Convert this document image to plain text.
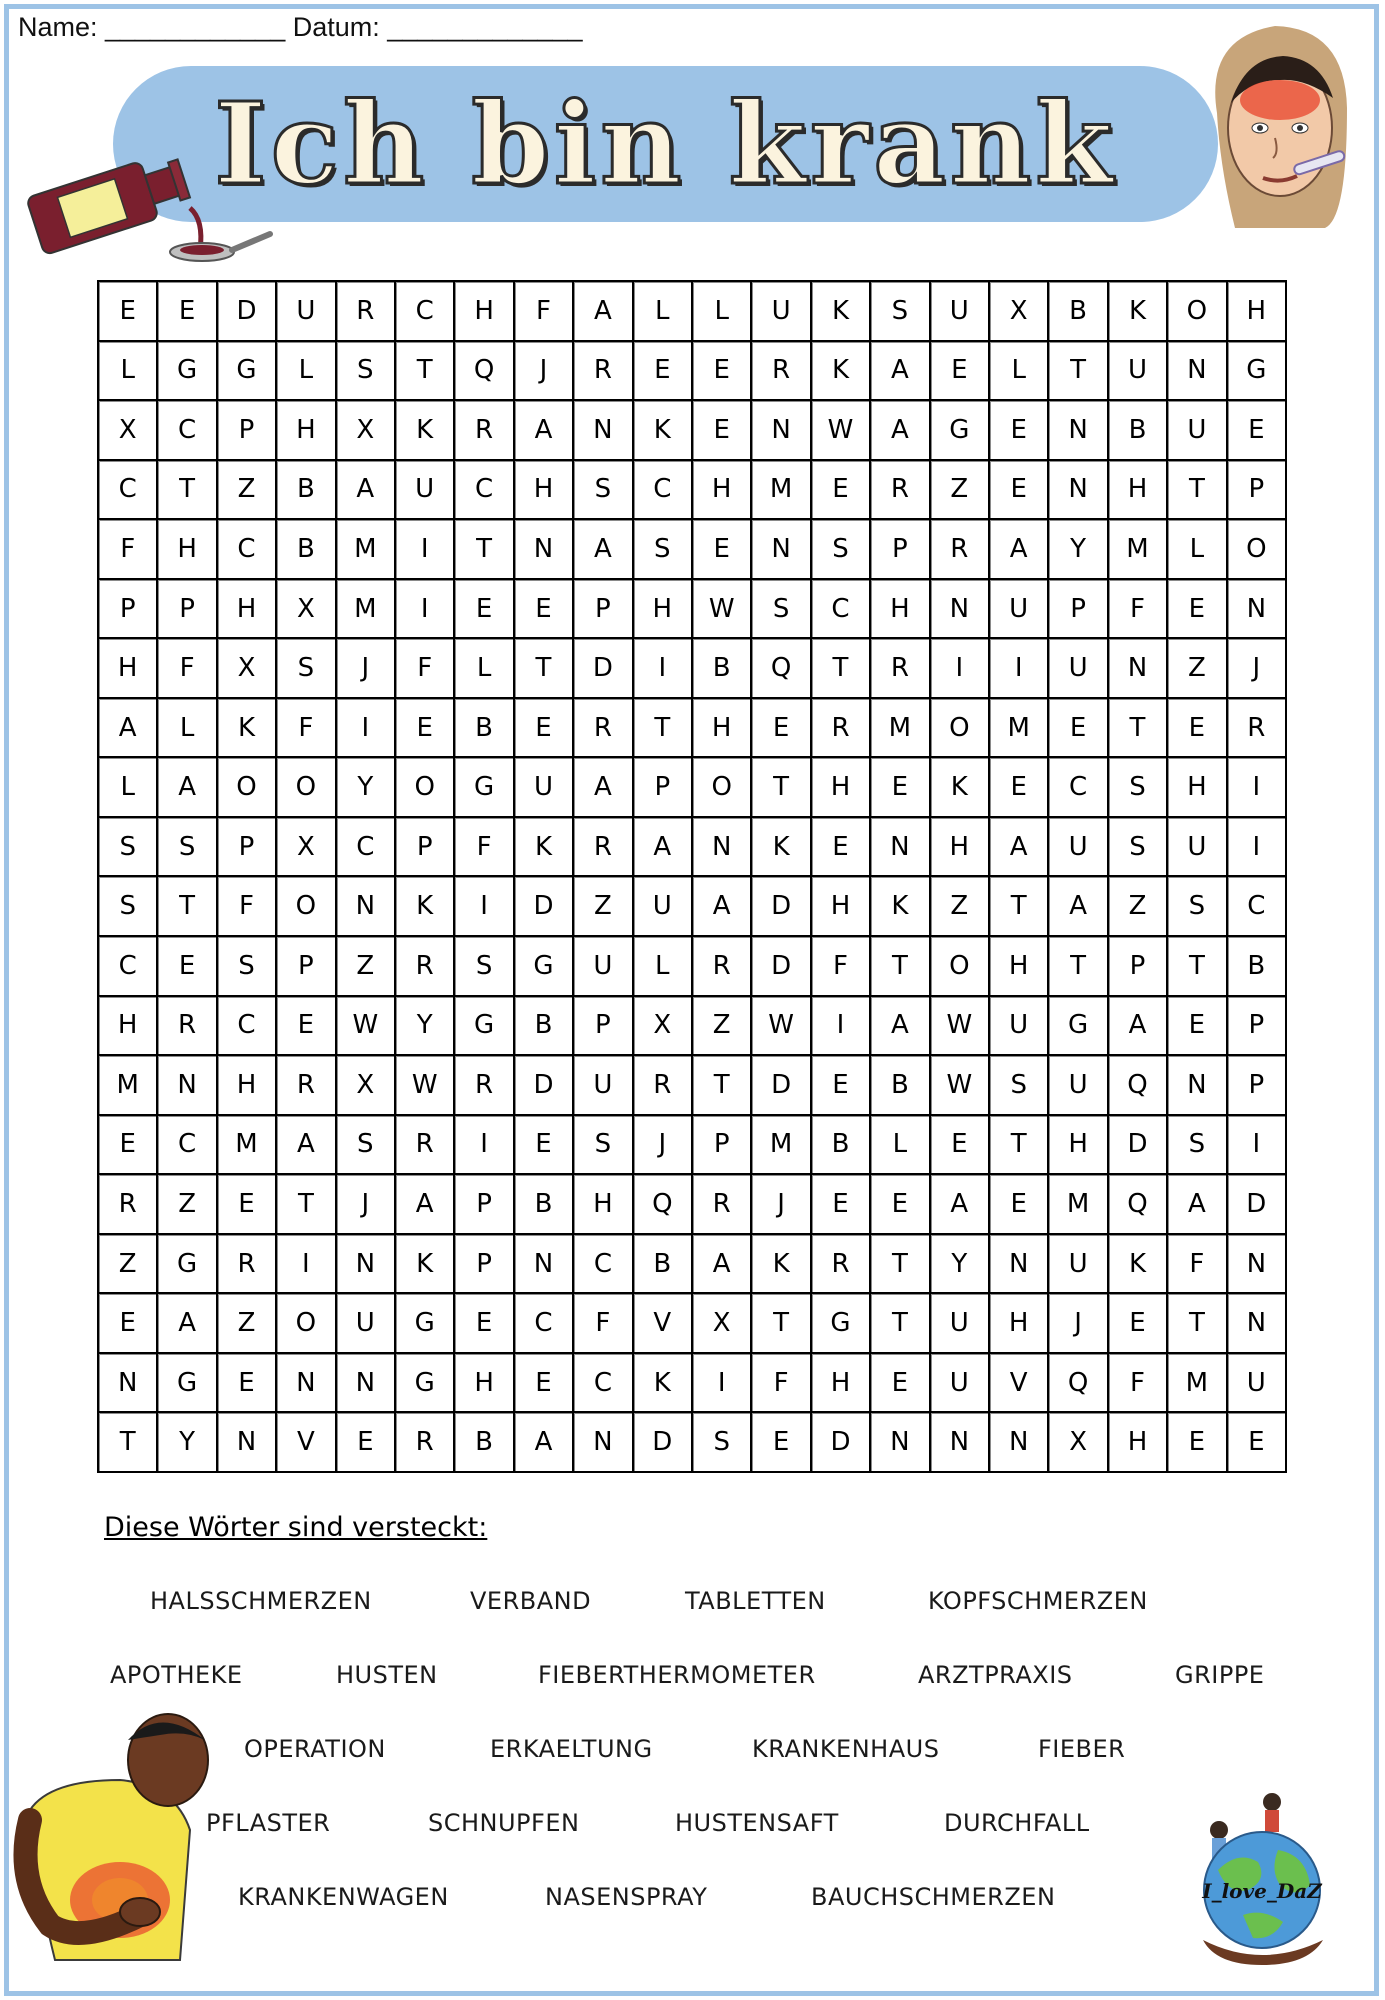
Name: ____________ Datum: _____________
Ich bin krank
E	E	D	U	R	C	H	F	A	L	L	U	K	S	U	X	B	K	O	H
L	G	G	L	S	T	Q	J	R	E	E	R	K	A	E	L	T	U	N	G
X	C	P	H	X	K	R	A	N	K	E	N	W	A	G	E	N	B	U	E
C	T	Z	B	A	U	C	H	S	C	H	M	E	R	Z	E	N	H	T	P
F	H	C	B	M	I	T	N	A	S	E	N	S	P	R	A	Y	M	L	O
P	P	H	X	M	I	E	E	P	H	W	S	C	H	N	U	P	F	E	N
H	F	X	S	J	F	L	T	D	I	B	Q	T	R	I	I	U	N	Z	J
A	L	K	F	I	E	B	E	R	T	H	E	R	M	O	M	E	T	E	R
L	A	O	O	Y	O	G	U	A	P	O	T	H	E	K	E	C	S	H	I
S	S	P	X	C	P	F	K	R	A	N	K	E	N	H	A	U	S	U	I
S	T	F	O	N	K	I	D	Z	U	A	D	H	K	Z	T	A	Z	S	C
C	E	S	P	Z	R	S	G	U	L	R	D	F	T	O	H	T	P	T	B
H	R	C	E	W	Y	G	B	P	X	Z	W	I	A	W	U	G	A	E	P
M	N	H	R	X	W	R	D	U	R	T	D	E	B	W	S	U	Q	N	P
E	C	M	A	S	R	I	E	S	J	P	M	B	L	E	T	H	D	S	I
R	Z	E	T	J	A	P	B	H	Q	R	J	E	E	A	E	M	Q	A	D
Z	G	R	I	N	K	P	N	C	B	A	K	R	T	Y	N	U	K	F	N
E	A	Z	O	U	G	E	C	F	V	X	T	G	T	U	H	J	E	T	N
N	G	E	N	N	G	H	E	C	K	I	F	H	E	U	V	Q	F	M	U
T	Y	N	V	E	R	B	A	N	D	S	E	D	N	N	N	X	H	E	E
Diese Wörter sind versteckt:
HALSSCHMERZEN	VERBAND	TABLETTEN	KOPFSCHMERZEN
APOTHEKE	HUSTEN	FIEBERTHERMOMETER	ARZTPRAXIS	GRIPPE
OPERATION	ERKAELTUNG	KRANKENHAUS	FIEBER
PFLASTER	SCHNUPFEN	HUSTENSAFT	DURCHFALL
KRANKENWAGEN	NASENSPRAY	BAUCHSCHMERZEN	I_love_DaZ
